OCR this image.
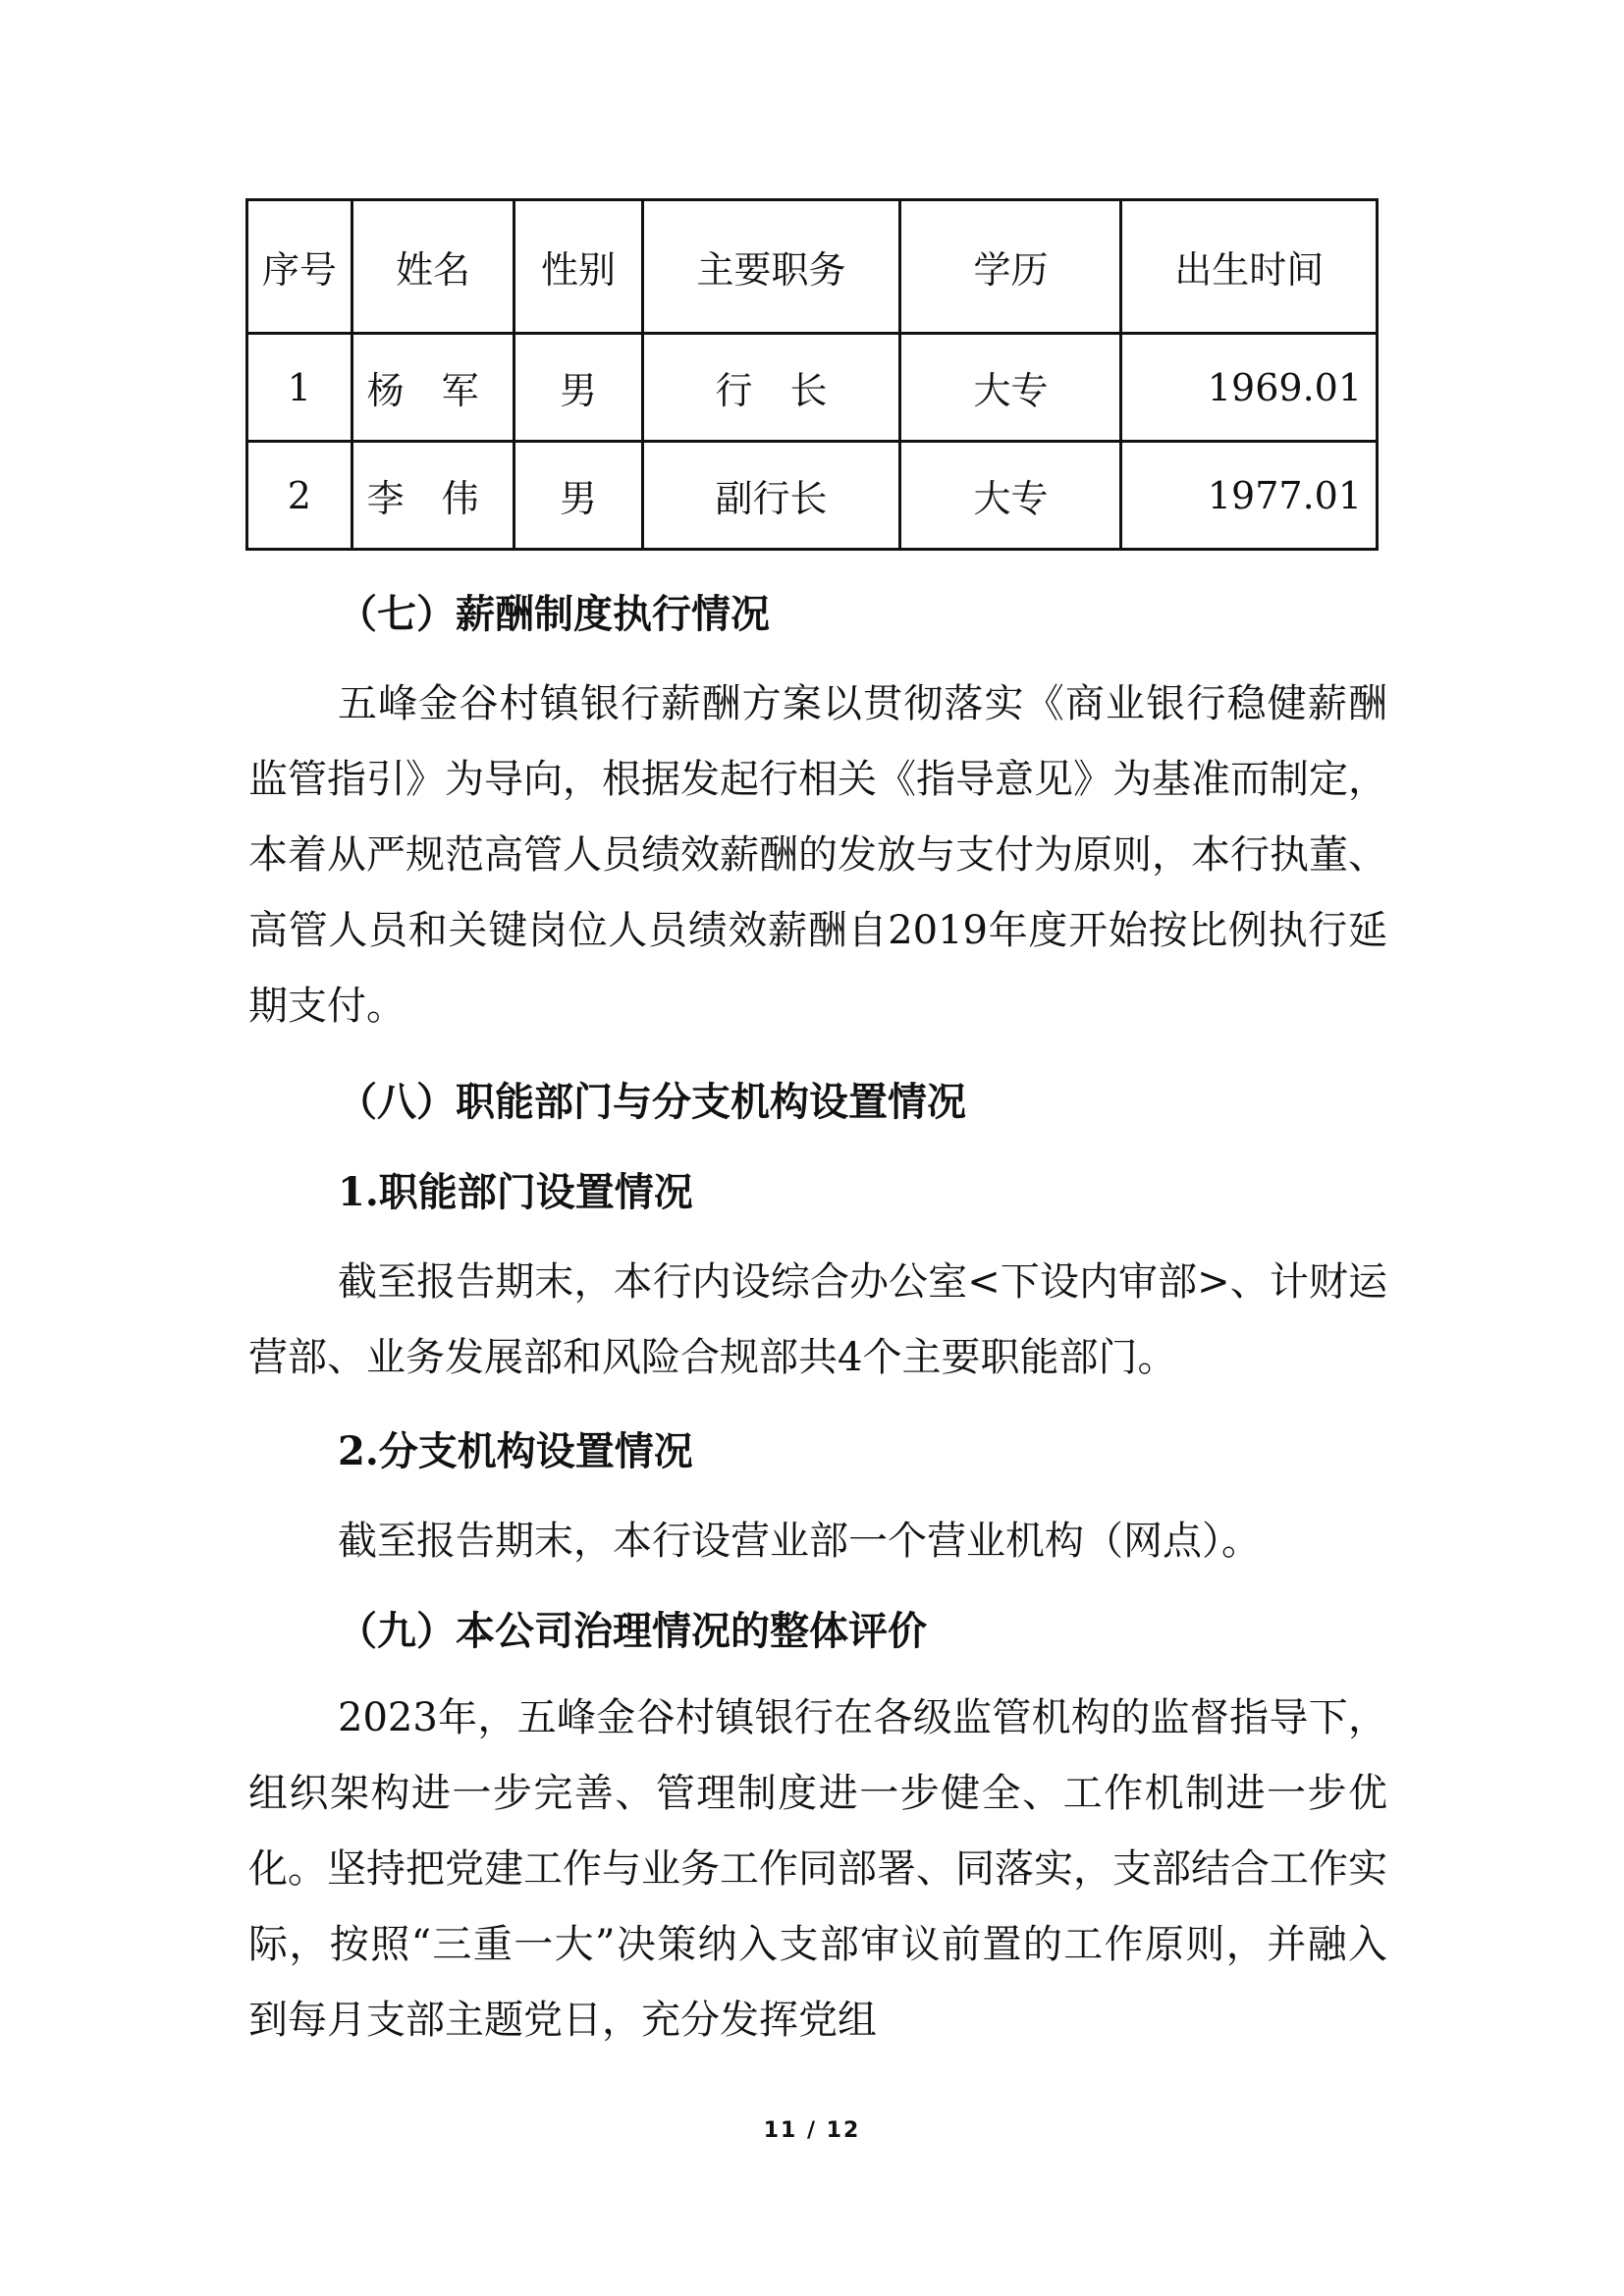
序号	姓名	性别	主要职务	学历	出生时间
1	杨　军	男	行　长	大专	1969.01
2	李　伟	男	副行长	大专	1977.01
（七）薪酬制度执行情况

五峰金谷村镇银行薪酬方案以贯彻落实《商业银行稳健薪酬监管指引》为导向，根据发起行相关《指导意见》为基准而制定，本着从严规范高管人员绩效薪酬的发放与支付为原则，本行执董、高管人员和关键岗位人员绩效薪酬自2019年度开始按比例执行延期支付。

（八）职能部门与分支机构设置情况
1.职能部门设置情况

截至报告期末，本行内设综合办公室<下设内审部>、计财运营部、业务发展部和风险合规部共4个主要职能部门。

2.分支机构设置情况

截至报告期末，本行设营业部一个营业机构（网点）。

（九）本公司治理情况的整体评价

2023年，五峰金谷村镇银行在各级监管机构的监督指导下，组织架构进一步完善、管理制度进一步健全、工作机制进一步优化。坚持把党建工作与业务工作同部署、同落实，支部结合工作实际，按照“三重一大”决策纳入支部审议前置的工作原则，并融入到每月支部主题党日，充分发挥党组

11 / 12
